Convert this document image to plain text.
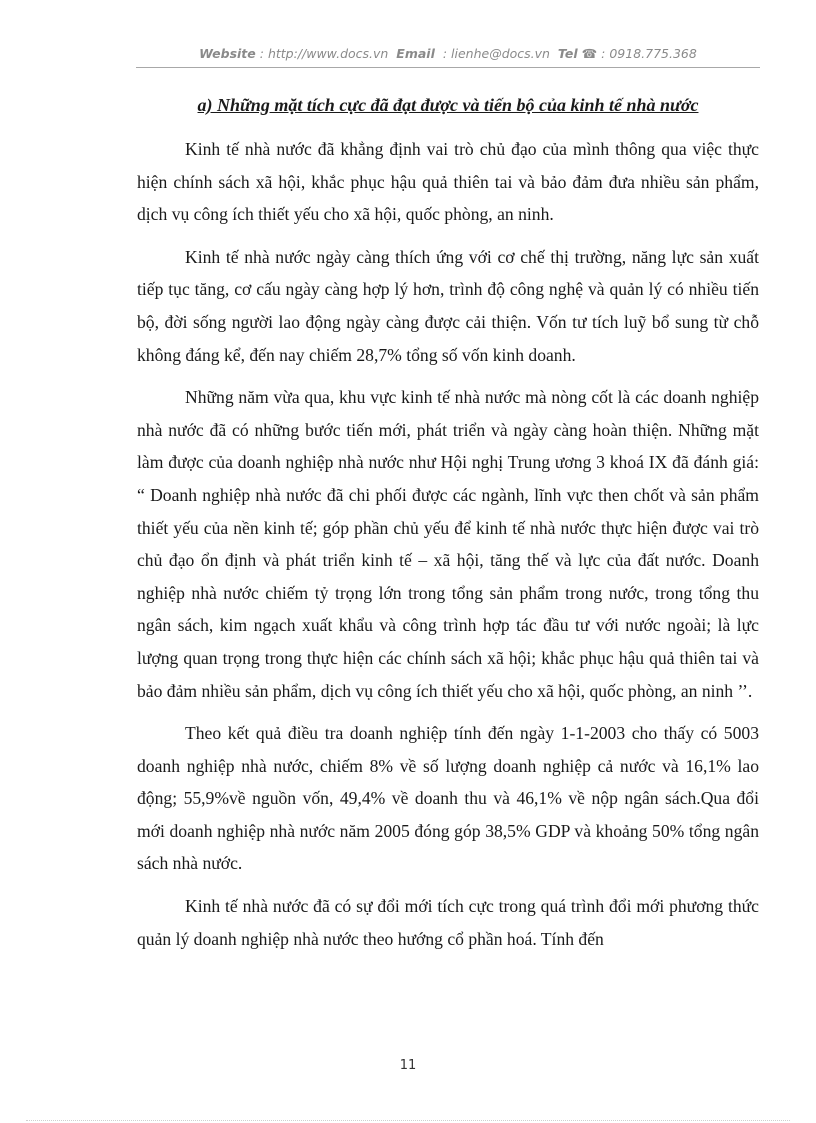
Website : http://www.docs.vn Email  : lienhe@docs.vn Tel ☎ : 0918.775.368
a) Những mặt tích cực đã đạt được và tiến bộ của kinh tế nhà nước

Kinh tế nhà nước đã khẳng định vai trò chủ đạo của mình thông qua việc thực hiện chính sách xã hội, khắc phục hậu quả thiên tai và bảo đảm đưa nhiều sản phẩm, dịch vụ công ích thiết yếu cho xã hội, quốc phòng, an ninh.

Kinh tế nhà nước ngày càng thích ứng với cơ chế thị trường, năng lực sản xuất tiếp tục tăng, cơ cấu ngày càng hợp lý hơn, trình độ công nghệ và quản lý có nhiều tiến bộ, đời sống người lao động ngày càng được cải thiện. Vốn tư tích luỹ bổ sung từ chỗ không đáng kể, đến nay chiếm 28,7% tổng số vốn kinh doanh.

Những năm vừa qua, khu vực kinh tế nhà nước mà nòng cốt là các doanh nghiệp nhà nước đã có những bước tiến mới, phát triển và ngày càng hoàn thiện. Những mặt làm được của doanh nghiệp nhà nước như Hội nghị Trung ương 3 khoá IX đã đánh giá: “ Doanh nghiệp nhà nước đã chi phối được các ngành, lĩnh vực then chốt và sản phẩm thiết yếu của nền kinh tế; góp phần chủ yếu để kinh tế nhà nước thực hiện được vai trò chủ đạo ổn định và phát triển kinh tế – xã hội, tăng thế và lực của đất nước. Doanh nghiệp nhà nước chiếm tỷ trọng lớn trong tổng sản phẩm trong nước, trong tổng thu ngân sách, kim ngạch xuất khẩu và công trình hợp tác đầu tư với nước ngoài; là lực lượng quan trọng trong thực hiện các chính sách xã hội; khắc phục hậu quả thiên tai và bảo đảm nhiều sản phẩm, dịch vụ công ích thiết yếu cho xã hội, quốc phòng, an ninh ’’.

Theo kết quả điều tra doanh nghiệp tính đến ngày 1-1-2003 cho thấy có 5003 doanh nghiệp nhà nước, chiếm 8% về số lượng doanh nghiệp cả nước và 16,1% lao động; 55,9%về nguồn vốn, 49,4% về doanh thu và 46,1% về nộp ngân sách.Qua đổi mới doanh nghiệp nhà nước năm 2005 đóng góp 38,5% GDP và khoảng 50% tổng ngân sách nhà nước.

Kinh tế nhà nước đã có sự đổi mới tích cực trong quá trình đổi mới phương thức quản lý doanh nghiệp nhà nước theo hướng cổ phần hoá. Tính đến

11
